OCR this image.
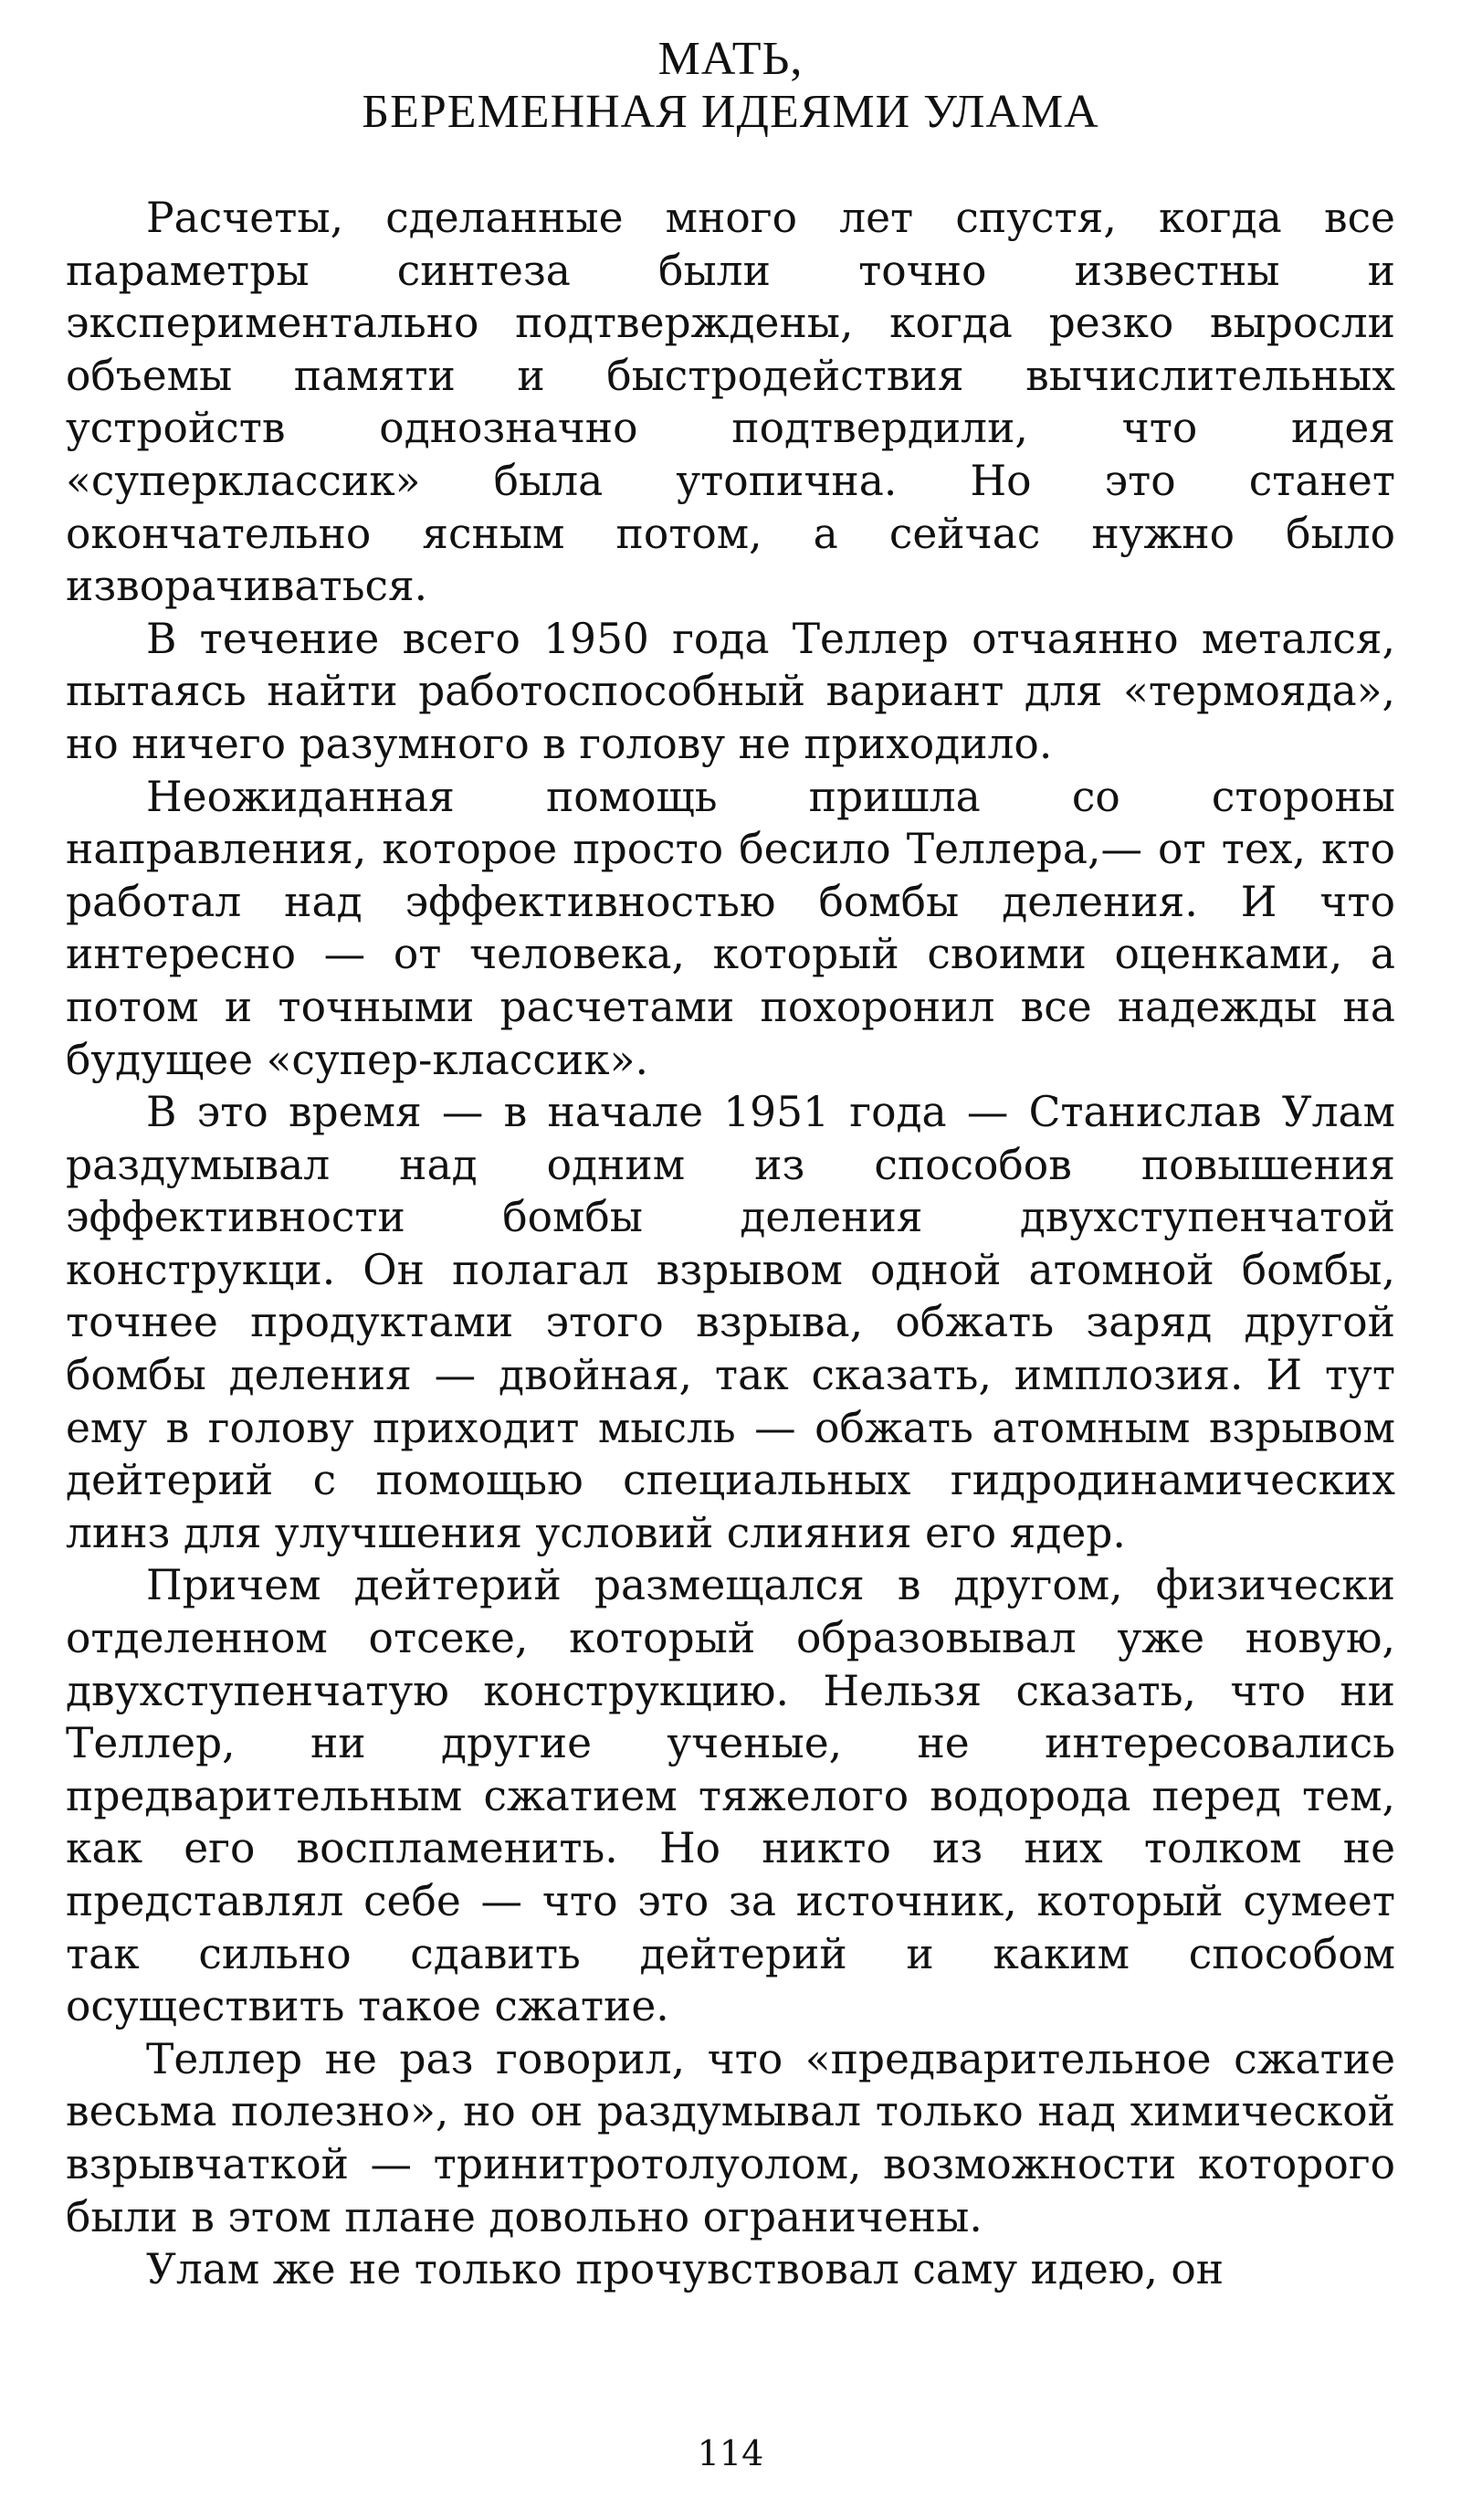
МАТЬ,
БЕРЕМЕННАЯ ИДЕЯМИ УЛАМА

Расчеты, сделанные много лет спустя, когда все параметры синтеза были точно известны и экспериментально подтверждены, когда резко выросли объемы памяти и быстродействия вычислительных устройств однозначно подтвердили, что идея «суперклассик» была утопична. Но это станет окончательно ясным потом, а сейчас нужно было изворачиваться.

В течение всего 1950 года Теллер отчаянно метался, пытаясь найти работоспособный вариант для «термояда», но ничего разумного в голову не приходило.

Неожиданная помощь пришла со стороны направления, которое просто бесило Теллера,— от тех, кто работал над эффективностью бомбы деления. И что интересно — от человека, который своими оценками, а потом и точными расчетами похоронил все надежды на будущее «супер-классик».

В это время — в начале 1951 года — Станислав Улам раздумывал над одним из способов повышения эффективности бомбы деления двухступенчатой конструкци. Он полагал взрывом одной атомной бомбы, точнее продуктами этого взрыва, обжать заряд другой бомбы деления — двойная, так сказать, имплозия. И тут ему в голову приходит мысль — обжать атомным взрывом дейтерий с помощью специальных гидродинамических линз для улучшения условий слияния его ядер.

Причем дейтерий размещался в другом, физически отделенном отсеке, который образовывал уже новую, двухступенчатую конструкцию. Нельзя сказать, что ни Теллер, ни другие ученые, не интересовались предварительным сжатием тяжелого водорода перед тем, как его воспламенить. Но никто из них толком не представлял себе — что это за источник, который сумеет так сильно сдавить дейтерий и каким способом осуществить такое сжатие.

Теллер не раз говорил, что «предварительное сжатие весьма полезно», но он раздумывал только над химической взрывчаткой — тринитротолуолом, возможности которого были в этом плане довольно ограничены.

Улам же не только прочувствовал саму идею, он

114
